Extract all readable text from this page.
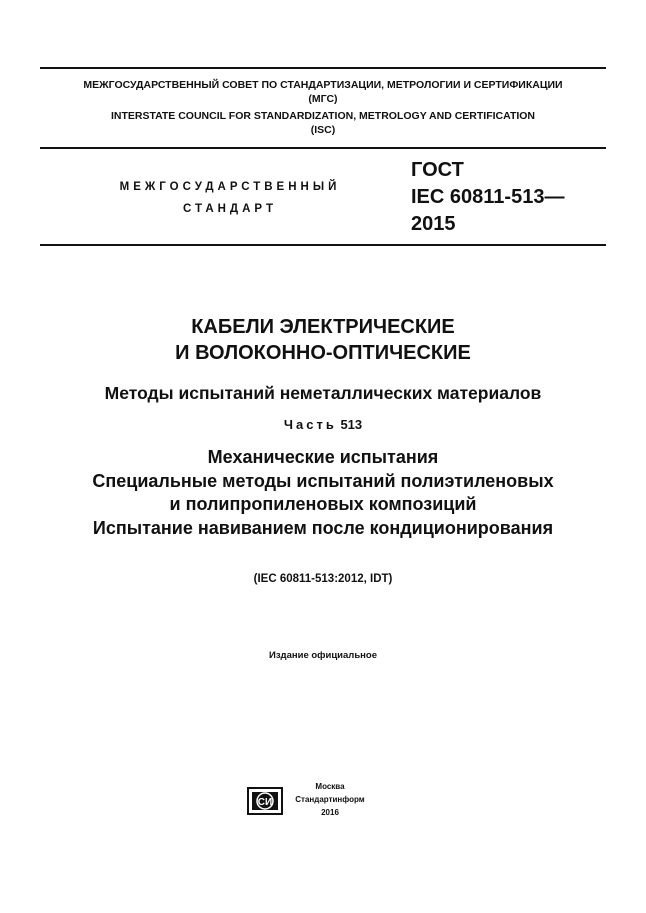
МЕЖГОСУДАРСТВЕННЫЙ СОВЕТ ПО СТАНДАРТИЗАЦИИ, МЕТРОЛОГИИ И СЕРТИФИКАЦИИ
(МГС)
INTERSTATE COUNCIL FOR STANDARDIZATION, METROLOGY AND CERTIFICATION
(ISC)
МЕЖГОСУДАРСТВЕННЫЙ
СТАНДАРТ
ГОСТ
IEC 60811-513—
2015
КАБЕЛИ ЭЛЕКТРИЧЕСКИЕ
И ВОЛОКОННО-ОПТИЧЕСКИЕ
Методы испытаний неметаллических материалов
Часть 513
Механические испытания
Специальные методы испытаний полиэтиленовых
и полипропиленовых композиций
Испытание навиванием после кондиционирования
(IEC 60811-513:2012, IDT)
Издание официальное
СИ
Москва
Стандартинформ
2016
